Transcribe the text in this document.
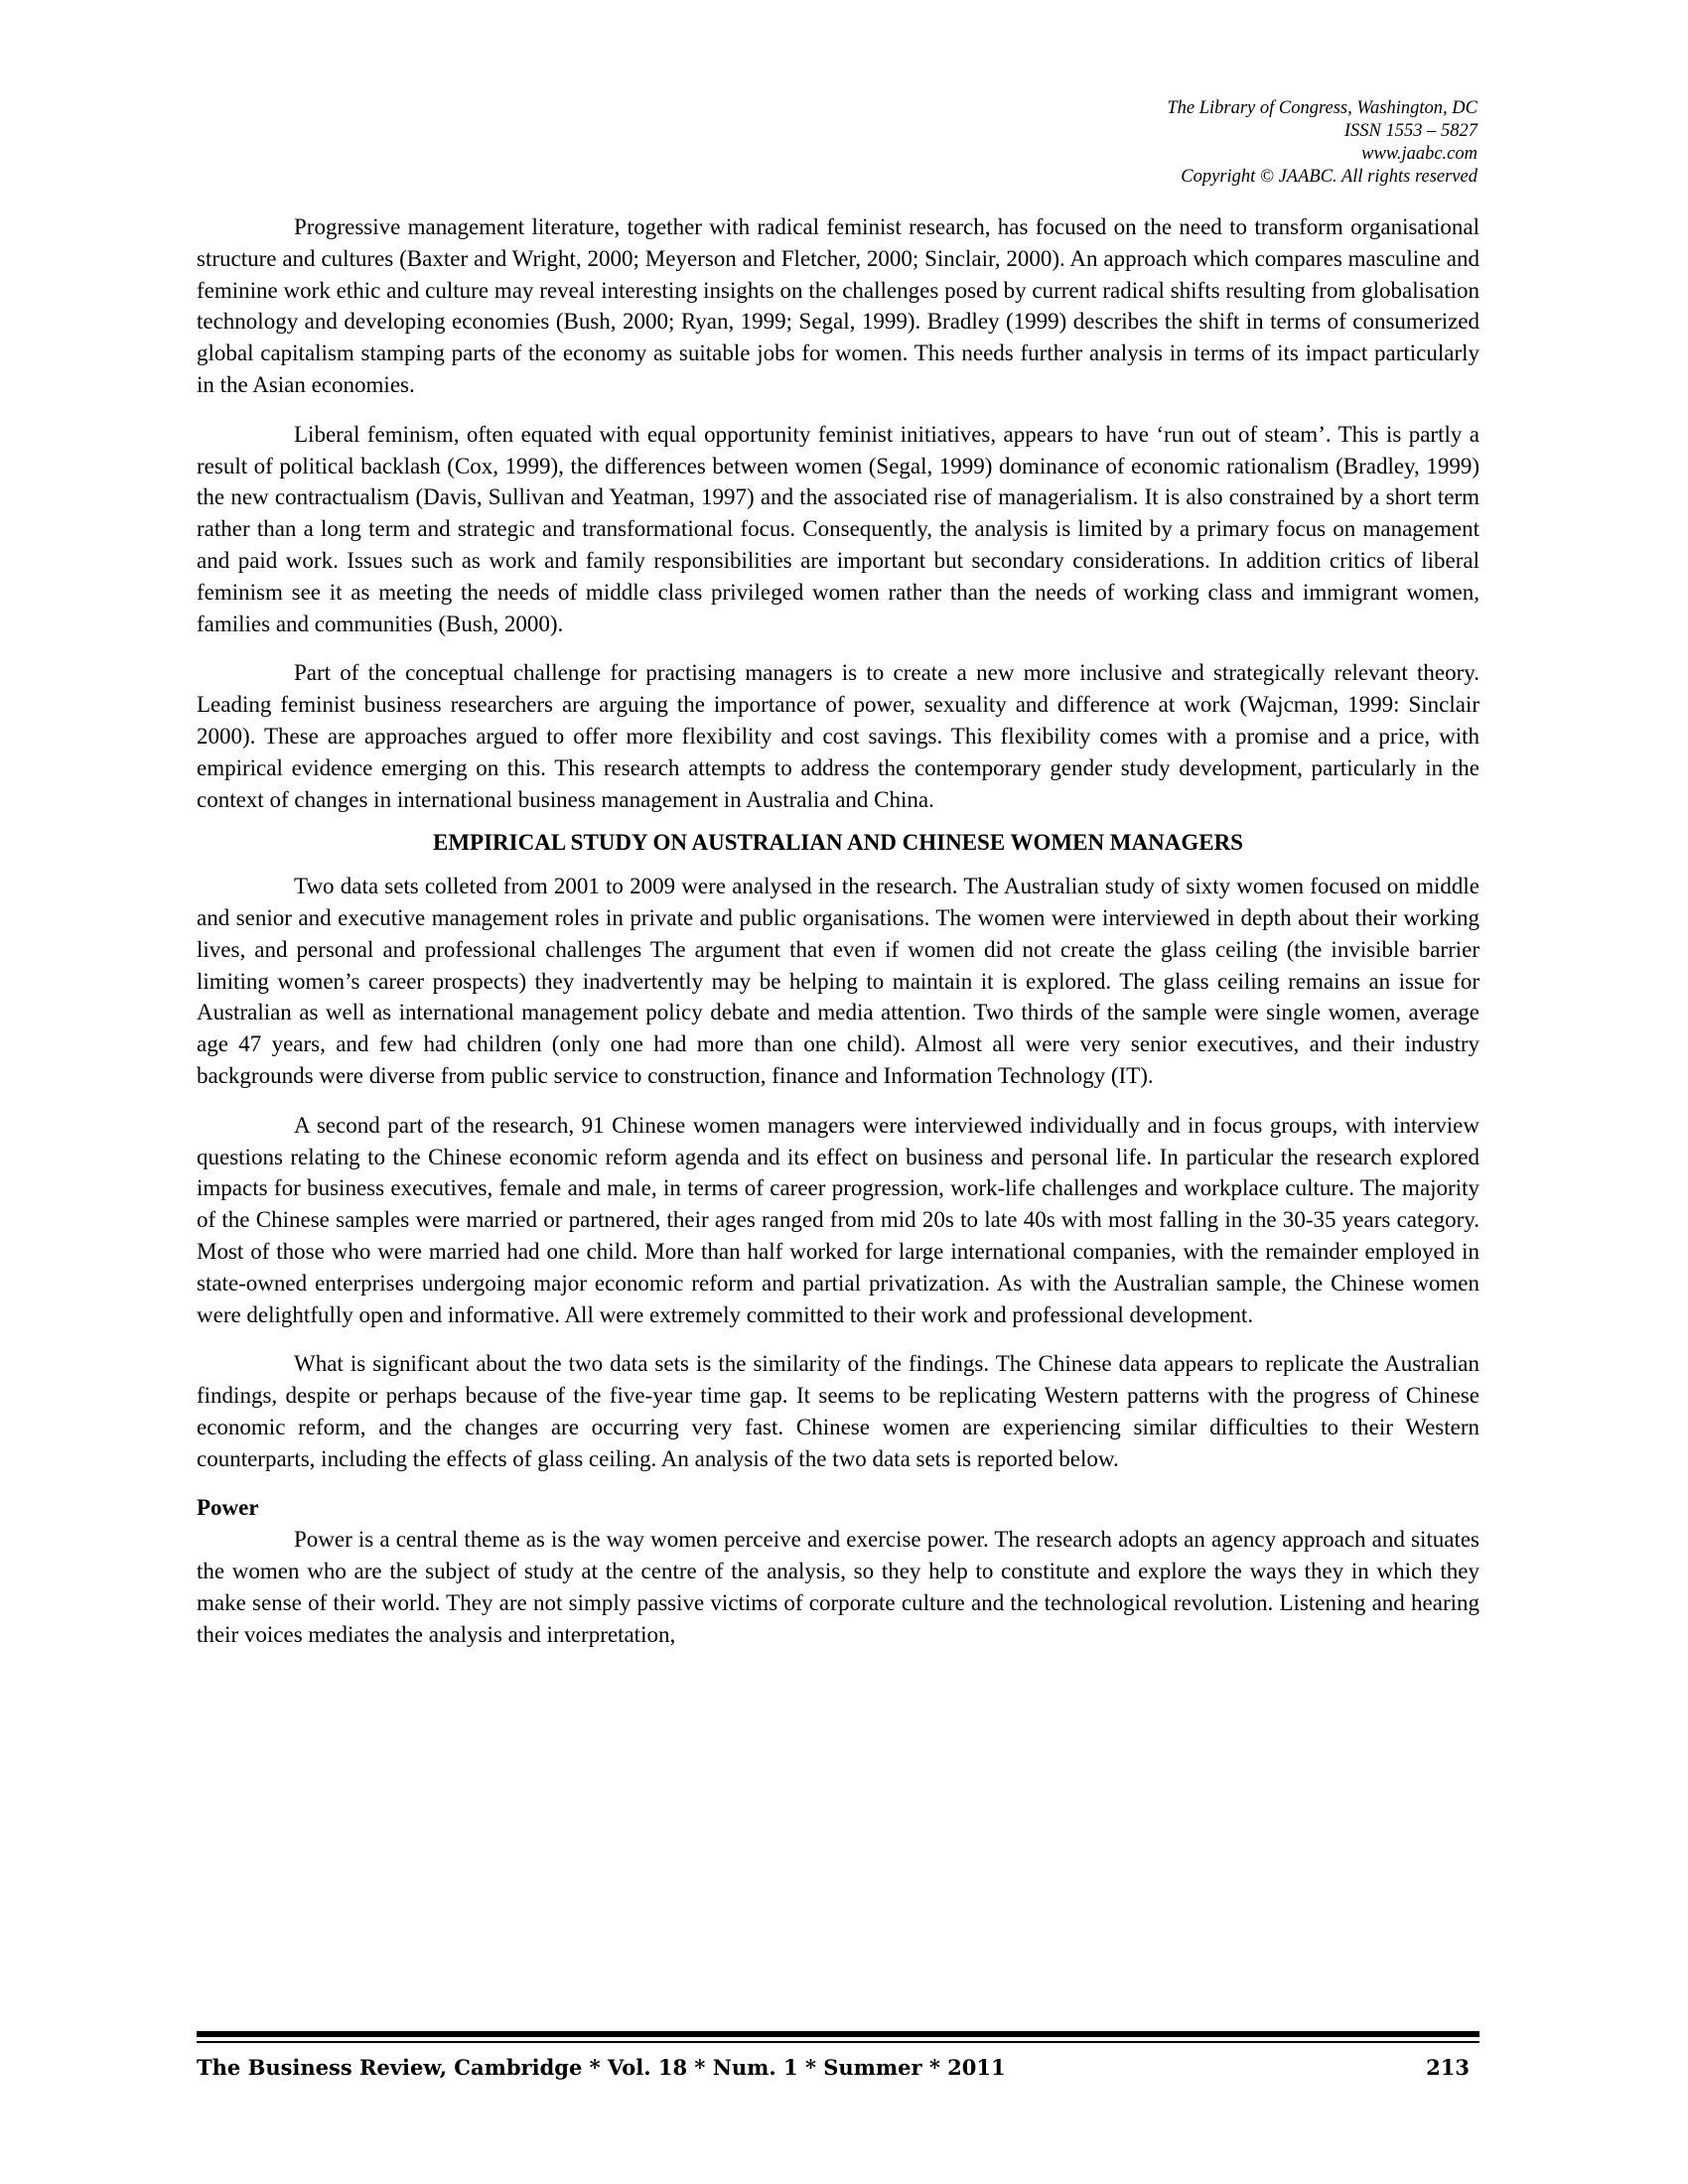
The Library of Congress, Washington, DC
ISSN 1553 – 5827
www.jaabc.com
Copyright © JAABC. All rights reserved

Progressive management literature, together with radical feminist research, has focused on the need to transform organisational structure and cultures (Baxter and Wright, 2000; Meyerson and Fletcher, 2000; Sinclair, 2000). An approach which compares masculine and feminine work ethic and culture may reveal interesting insights on the challenges posed by current radical shifts resulting from globalisation technology and developing economies (Bush, 2000; Ryan, 1999; Segal, 1999). Bradley (1999) describes the shift in terms of consumerized global capitalism stamping parts of the economy as suitable jobs for women. This needs further analysis in terms of its impact particularly in the Asian economies.

Liberal feminism, often equated with equal opportunity feminist initiatives, appears to have ‘run out of steam’. This is partly a result of political backlash (Cox, 1999), the differences between women (Segal, 1999) dominance of economic rationalism (Bradley, 1999) the new contractualism (Davis, Sullivan and Yeatman, 1997) and the associated rise of managerialism. It is also constrained by a short term rather than a long term and strategic and transformational focus. Consequently, the analysis is limited by a primary focus on management and paid work. Issues such as work and family responsibilities are important but secondary considerations. In addition critics of liberal feminism see it as meeting the needs of middle class privileged women rather than the needs of working class and immigrant women, families and communities (Bush, 2000).

Part of the conceptual challenge for practising managers is to create a new more inclusive and strategically relevant theory. Leading feminist business researchers are arguing the importance of power, sexuality and difference at work (Wajcman, 1999: Sinclair 2000). These are approaches argued to offer more flexibility and cost savings. This flexibility comes with a promise and a price, with empirical evidence emerging on this. This research attempts to address the contemporary gender study development, particularly in the context of changes in international business management in Australia and China.

EMPIRICAL STUDY ON AUSTRALIAN AND CHINESE WOMEN MANAGERS

Two data sets colleted from 2001 to 2009 were analysed in the research. The Australian study of sixty women focused on middle and senior and executive management roles in private and public organisations. The women were interviewed in depth about their working lives, and personal and professional challenges The argument that even if women did not create the glass ceiling (the invisible barrier limiting women’s career prospects) they inadvertently may be helping to maintain it is explored. The glass ceiling remains an issue for Australian as well as international management policy debate and media attention. Two thirds of the sample were single women, average age 47 years, and few had children (only one had more than one child). Almost all were very senior executives, and their industry backgrounds were diverse from public service to construction, finance and Information Technology (IT).

A second part of the research, 91 Chinese women managers were interviewed individually and in focus groups, with interview questions relating to the Chinese economic reform agenda and its effect on business and personal life. In particular the research explored impacts for business executives, female and male, in terms of career progression, work-life challenges and workplace culture. The majority of the Chinese samples were married or partnered, their ages ranged from mid 20s to late 40s with most falling in the 30-35 years category. Most of those who were married had one child. More than half worked for large international companies, with the remainder employed in state-owned enterprises undergoing major economic reform and partial privatization. As with the Australian sample, the Chinese women were delightfully open and informative. All were extremely committed to their work and professional development.

What is significant about the two data sets is the similarity of the findings. The Chinese data appears to replicate the Australian findings, despite or perhaps because of the five-year time gap. It seems to be replicating Western patterns with the progress of Chinese economic reform, and the changes are occurring very fast. Chinese women are experiencing similar difficulties to their Western counterparts, including the effects of glass ceiling. An analysis of the two data sets is reported below.

Power

Power is a central theme as is the way women perceive and exercise power. The research adopts an agency approach and situates the women who are the subject of study at the centre of the analysis, so they help to constitute and explore the ways they in which they make sense of their world. They are not simply passive victims of corporate culture and the technological revolution. Listening and hearing their voices mediates the analysis and interpretation,

The Business Review, Cambridge * Vol. 18 * Num. 1 * Summer * 2011	213
